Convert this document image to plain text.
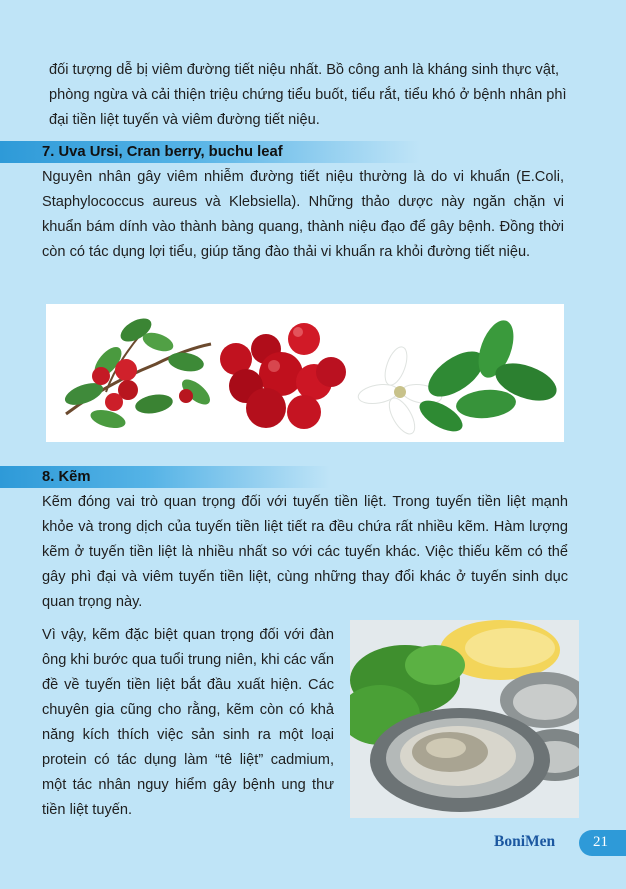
đối tượng dễ bị viêm đường tiết niệu nhất. Bồ công anh là kháng sinh thực vật, phòng ngừa và cải thiện triệu chứng tiểu buốt, tiểu rắt, tiểu khó ở bệnh nhân phì đại tiền liệt tuyến và viêm đường tiết niệu.

7. Uva Ursi, Cran berry, buchu leaf

Nguyên nhân gây viêm nhiễm đường tiết niệu thường là do vi khuẩn (E.Coli, Staphylococcus aureus và Klebsiella). Những thảo dược này ngăn chặn vi khuẩn bám dính vào thành bàng quang, thành niệu đạo để gây bệnh. Đồng thời còn có tác dụng lợi tiểu, giúp tăng đào thải vi khuẩn ra khỏi đường tiết niệu.

8. Kẽm

Kẽm đóng vai trò quan trọng đối với tuyến tiền liệt. Trong tuyến tiền liệt mạnh khỏe và trong dịch của tuyến tiền liệt tiết ra đều chứa rất nhiều kẽm. Hàm lượng kẽm ở tuyến tiền liệt là nhiều nhất so với các tuyến khác. Việc thiếu kẽm có thể gây phì đại và viêm tuyến tiền liệt, cùng những thay đổi khác ở tuyến sinh dục quan trọng này.

Vì vậy, kẽm đặc biệt quan trọng đối với đàn ông khi bước qua tuổi trung niên, khi các vấn đề về tuyến tiền liệt bắt đầu xuất hiện. Các chuyên gia cũng cho rằng, kẽm còn có khả năng kích thích việc sản sinh ra một loại protein có tác dụng làm “tê liệt” cadmium, một tác nhân nguy hiểm gây bệnh ung thư tiền liệt tuyến.

BoniMen	21
